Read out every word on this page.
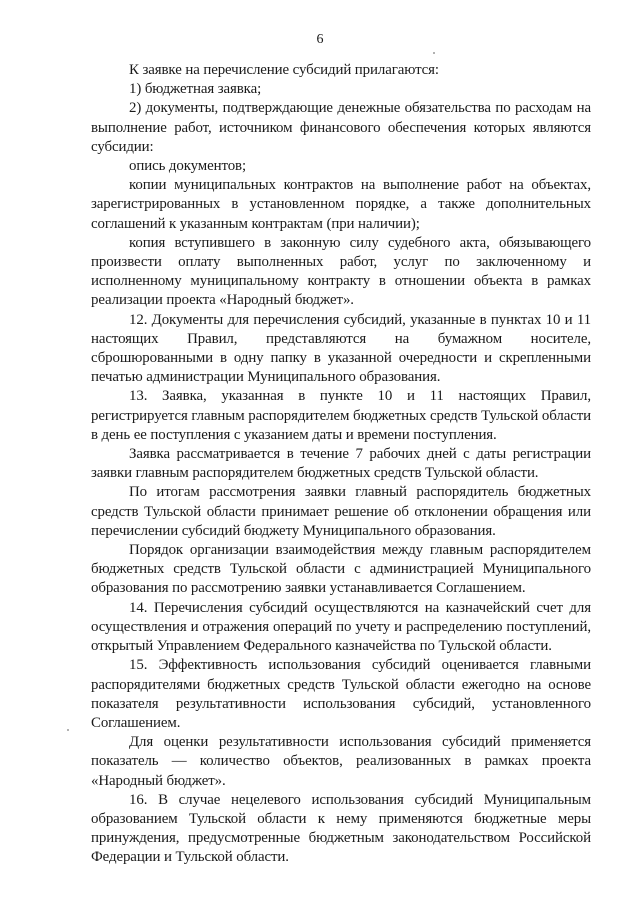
6

К заявке на перечисление субсидий прилагаются:

1) бюджетная заявка;

2) документы, подтверждающие денежные обязательства по расходам на выполнение работ, источником финансового обеспечения которых являются субсидии:

опись документов;

копии муниципальных контрактов на выполнение работ на объектах, зарегистрированных в установленном порядке, а также дополнительных соглашений к указанным контрактам (при наличии);

копия вступившего в законную силу судебного акта, обязывающего произвести оплату выполненных работ, услуг по заключенному и исполненному муниципальному контракту в отношении объекта в рамках реализации проекта «Народный бюджет».

12. Документы для перечисления субсидий, указанные в пунктах 10 и 11 настоящих Правил, представляются на бумажном носителе, сброшюрованными в одну папку в указанной очередности и скрепленными печатью администрации Муниципального образования.

13. Заявка, указанная в пункте 10 и 11 настоящих Правил, регистрируется главным распорядителем бюджетных средств Тульской области в день ее поступления с указанием даты и времени поступления.

Заявка рассматривается в течение 7 рабочих дней с даты регистрации заявки главным распорядителем бюджетных средств Тульской области.

По итогам рассмотрения заявки главный распорядитель бюджетных средств Тульской области принимает решение об отклонении обращения или перечислении субсидий бюджету Муниципального образования.

Порядок организации взаимодействия между главным распорядителем бюджетных средств Тульской области с администрацией Муниципального образования по рассмотрению заявки устанавливается Соглашением.

14. Перечисления субсидий осуществляются на казначейский счет для осуществления и отражения операций по учету и распределению поступлений, открытый Управлением Федерального казначейства по Тульской области.

15. Эффективность использования субсидий оценивается главными распорядителями бюджетных средств Тульской области ежегодно на основе показателя результативности использования субсидий, установленного Соглашением.

Для оценки результативности использования субсидий применяется показатель — количество объектов, реализованных в рамках проекта «Народный бюджет».

16. В случае нецелевого использования субсидий Муниципальным образованием Тульской области к нему применяются бюджетные меры принуждения, предусмотренные бюджетным законодательством Российской Федерации и Тульской области.
